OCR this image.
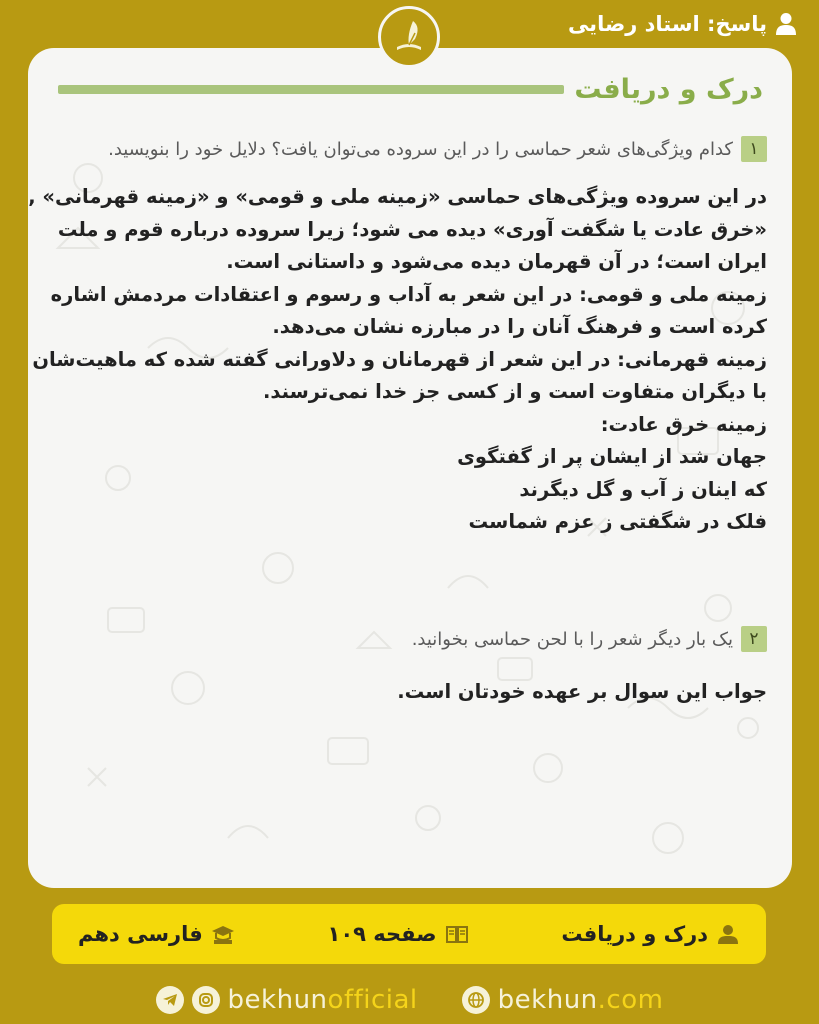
پاسخ: استاد رضایی
درک و دریافت
۱
کدام ویژگی‌های شعر حماسی را در این سروده می‌توان یافت؟ دلایل خود را بنویسید.
در این سروده ویژگی‌های حماسی «زمینه ملی و قومی» و «زمینه قهرمانی» ,
«خرق عادت یا شگفت آوری» دیده می شود؛ زیرا سروده درباره قوم و ملت
ایران است؛ در آن قهرمان دیده می‌شود و داستانی است.
زمینه ملی و قومی: در این شعر به آداب و رسوم و اعتقادات مردمش اشاره
کرده است و فرهنگ آنان را در مبارزه نشان می‌دهد.
زمینه قهرمانی: در این شعر از قهرمانان و دلاورانی گفته شده که ماهیت‌شان
با دیگران متفاوت است و از کسی جز خدا نمی‌ترسند.
زمینه خرق عادت:
جهان شد از ایشان پر از گفتگوی
که اینان ز آب و گل دیگرند
فلک در شگفتی ز عزم شماست
۲
یک بار دیگر شعر را با لحن حماسی بخوانید.
جواب این سوال بر عهده خودتان است.
درک و دریافت
صفحه ۱۰۹
فارسی دهم
bekhunofficial	bekhun.com
